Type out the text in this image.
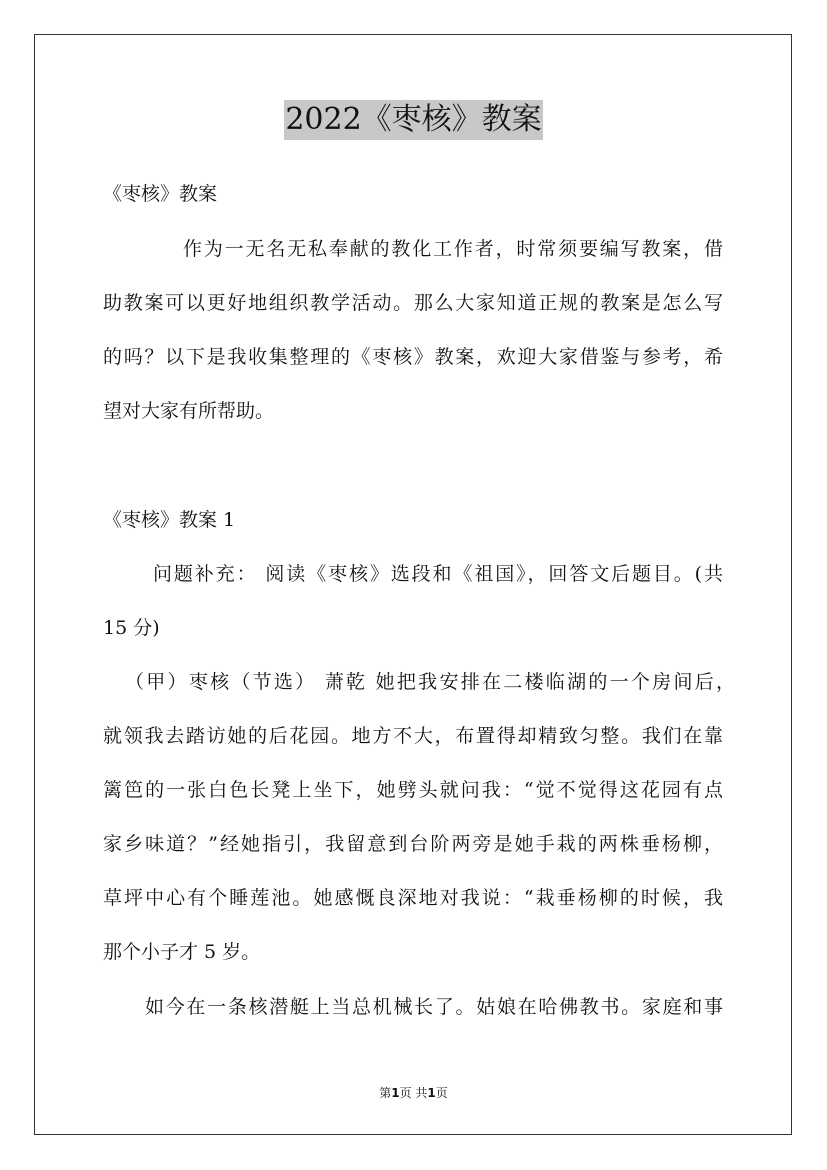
2022《枣核》教案
《枣核》教案
作为一无名无私奉献的教化工作者，时常须要编写教案，借
助教案可以更好地组织教学活动。那么大家知道正规的教案是怎么写
的吗？以下是我收集整理的《枣核》教案，欢迎大家借鉴与参考，希
望对大家有所帮助。
《枣核》教案 1
问题补充： 阅读《枣核》选段和《祖国》，回答文后题目。(共
15 分)
（甲）枣核（节选） 萧乾 她把我安排在二楼临湖的一个房间后，
就领我去踏访她的后花园。地方不大，布置得却精致匀整。我们在靠
篱笆的一张白色长凳上坐下，她劈头就问我：“觉不觉得这花园有点
家乡味道？”经她指引，我留意到台阶两旁是她手栽的两株垂杨柳，
草坪中心有个睡莲池。她感慨良深地对我说：“栽垂杨柳的时候，我
那个小子才 5 岁。
如今在一条核潜艇上当总机械长了。姑娘在哈佛教书。家庭和事
第1页 共1页
